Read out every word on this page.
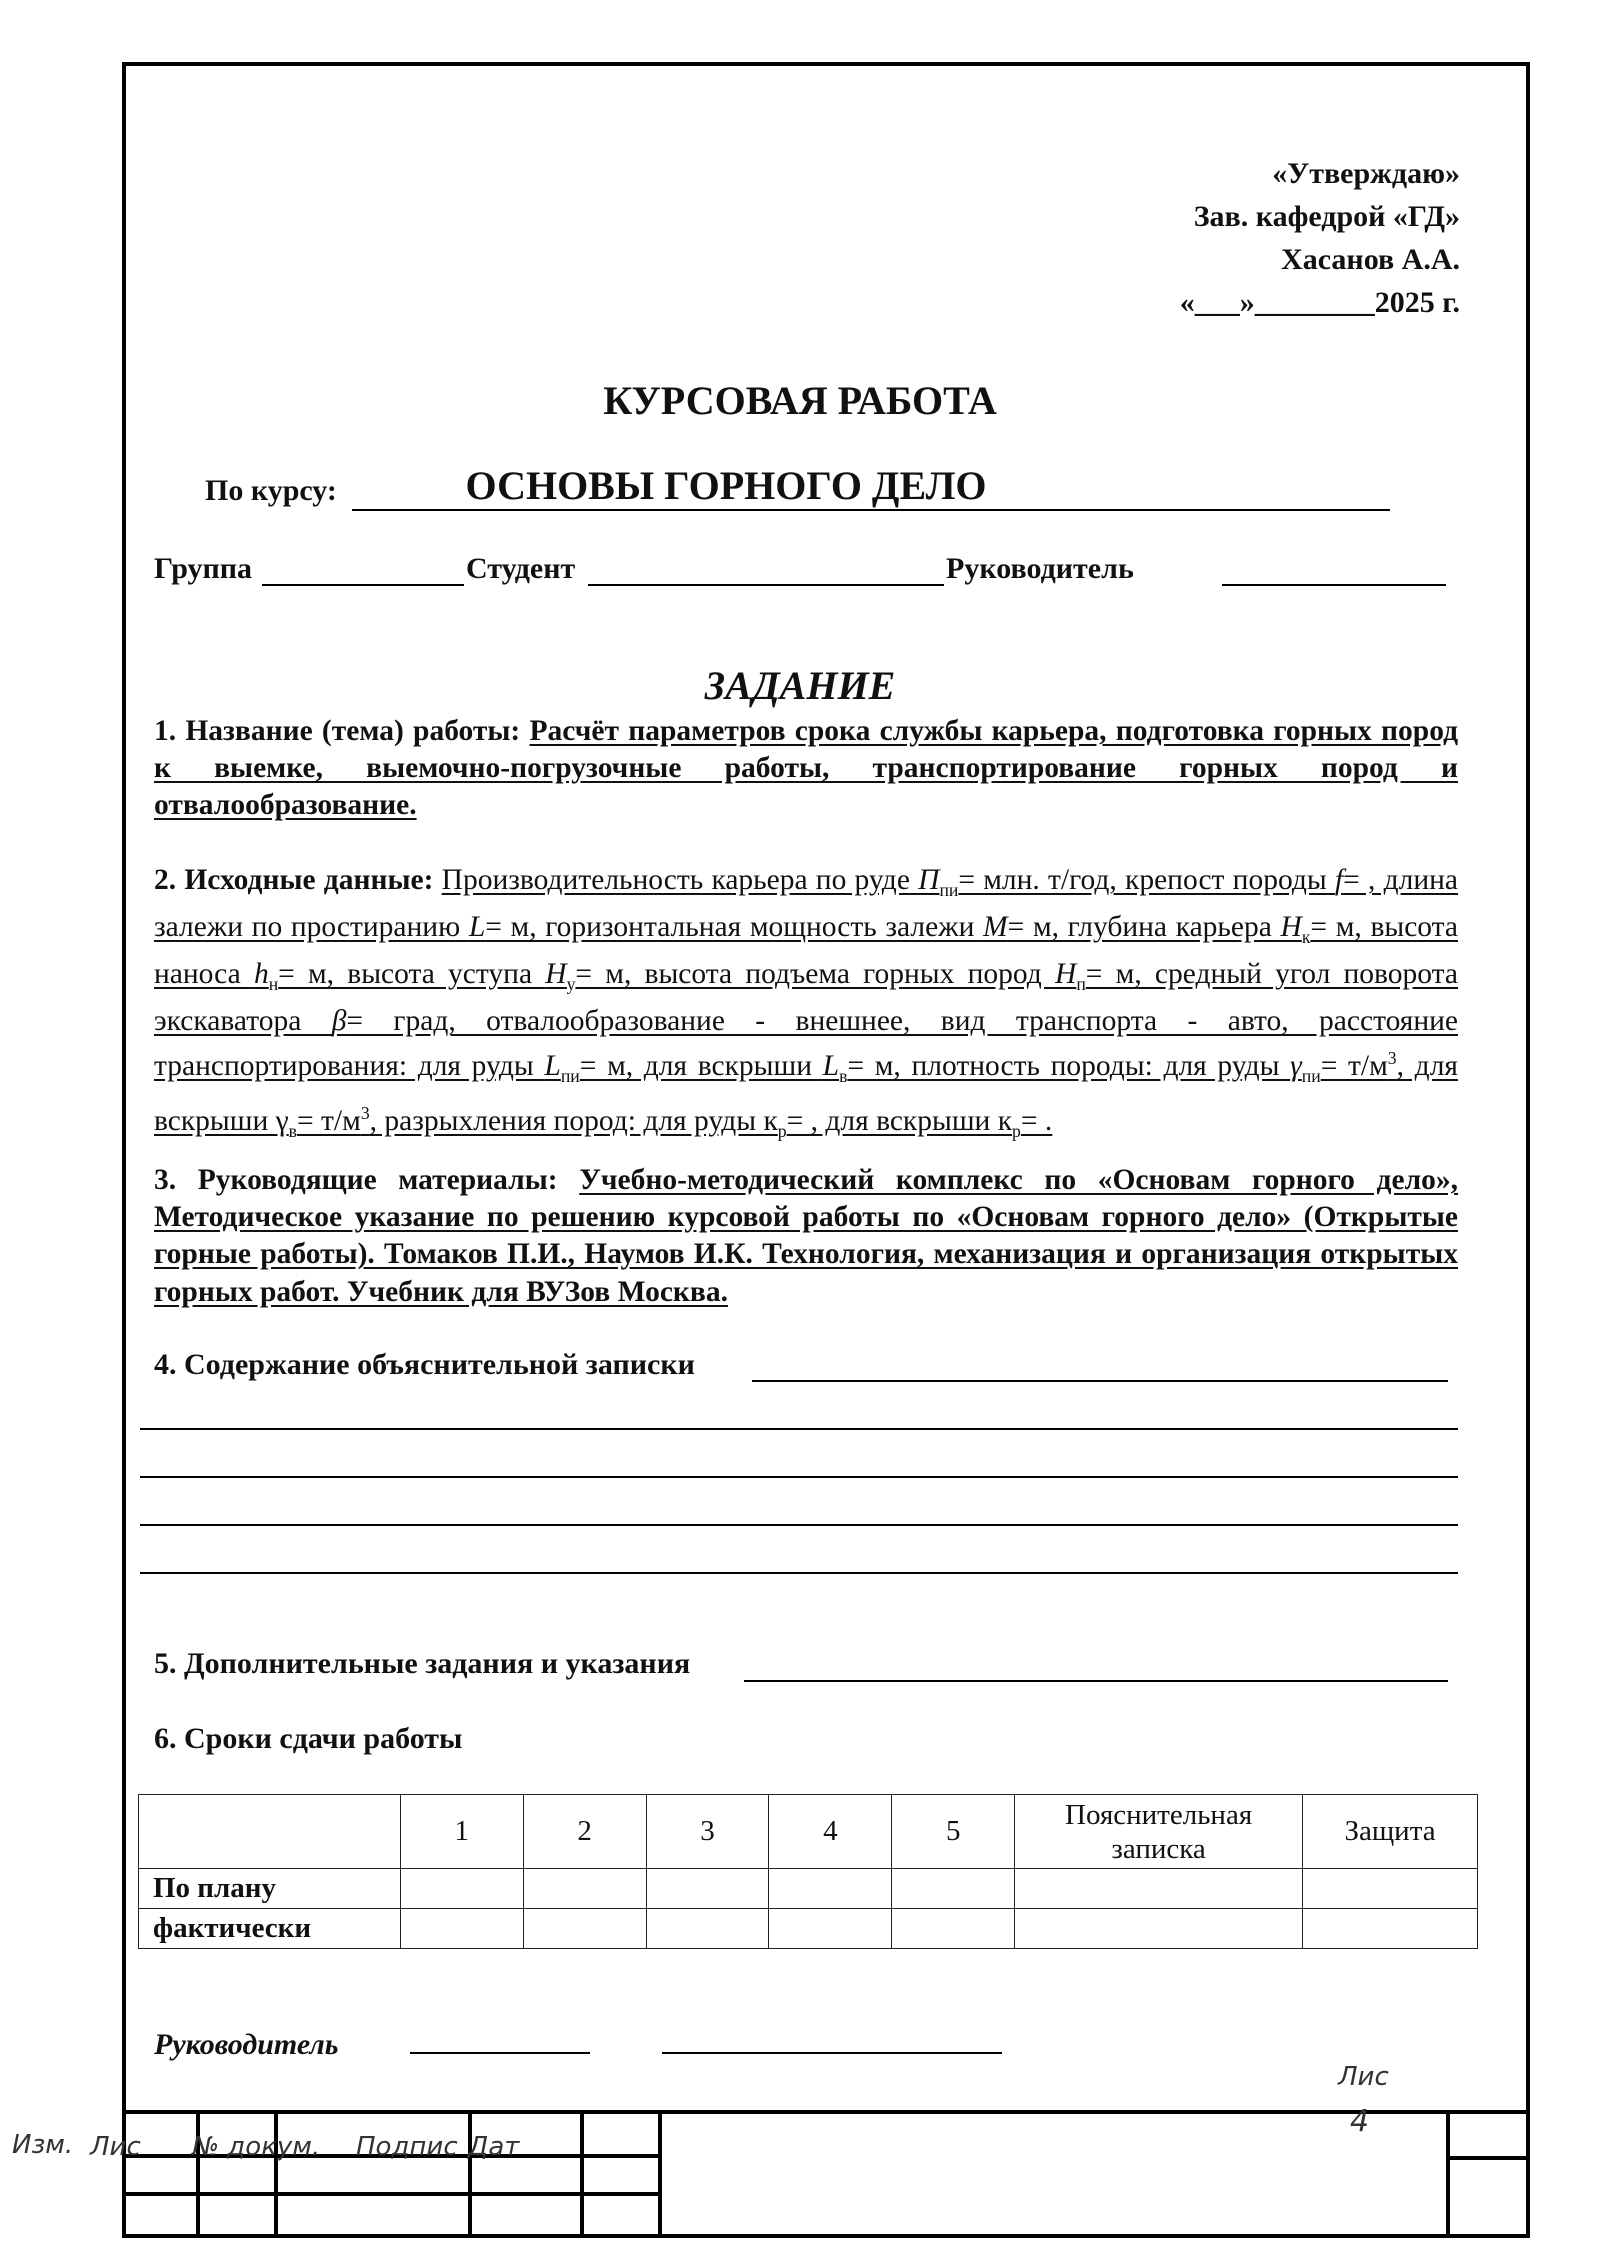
«Утверждаю»
Зав. кафедрой «ГД»
Хасанов А.А.
«___»________2025 г.
КУРСОВАЯ РАБОТА
По курсу:	ОСНОВЫ ГОРНОГО ДЕЛО
Группа	Студент	Руководитель
ЗАДАНИЕ
1. Название (тема) работы: Расчёт параметров срока службы карьера, подготовка горных пород к выемке, выемочно-погрузочные работы, транспортирование горных пород и отвалообразование.
2. Исходные данные: Производительность карьера по руде $П_{пи}=$ млн. т/год, крепост породы f= , длина залежи по простиранию L= м, горизонтальная мощность залежи M= м, глубина карьера $H_к= м$, высота наноса $h_н= м$, высота уступа $H_у= м$, высота подъема горных пород $H_п= м$, средный угол поворота экскаватора β= град, отвалообразование - внешнее, вид транспорта - авто, расстояние транспортирования: для руды $L_{пи}= м$, для вскрыши $L_в= м$, плотность породы: для руды $\gamma_{пи}= т/м^3$, для вскрыши $\gamma_в= т/м^3$, разрыхления пород: для руды $к_р=$ , для вскрыши $к_р=$ .
3. Руководящие материалы: Учебно-методический комплекс по «Основам горного дело», Методическое указание по решению курсовой работы по «Основам горного дело» (Открытые горные работы). Томаков П.И., Наумов И.К. Технология, механизация и организация открытых горных работ. Учебник для ВУЗов Москва.
4. Содержание объяснительной записки
5. Дополнительные задания и указания
6. Сроки сдачи работы
	1	2	3	4	5	Пояснительная записка	Защита
По плану							
фактически							
Руководитель
Изм. Лис № докум. Подпис Дат
Лис
4
